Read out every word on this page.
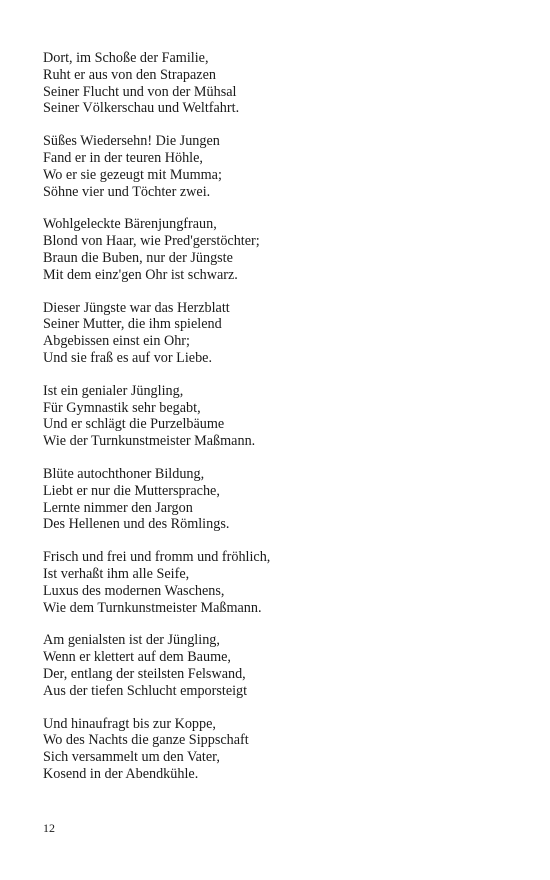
Dort, im Schoße der Familie,
Ruht er aus von den Strapazen
Seiner Flucht und von der Mühsal
Seiner Völkerschau und Weltfahrt.
Süßes Wiedersehn! Die Jungen
Fand er in der teuren Höhle,
Wo er sie gezeugt mit Mumma;
Söhne vier und Töchter zwei.
Wohlgeleckte Bärenjungfraun,
Blond von Haar, wie Pred'gerstöchter;
Braun die Buben, nur der Jüngste
Mit dem einz'gen Ohr ist schwarz.
Dieser Jüngste war das Herzblatt
Seiner Mutter, die ihm spielend
Abgebissen einst ein Ohr;
Und sie fraß es auf vor Liebe.
Ist ein genialer Jüngling,
Für Gymnastik sehr begabt,
Und er schlägt die Purzelbäume
Wie der Turnkunstmeister Maßmann.
Blüte autochthoner Bildung,
Liebt er nur die Muttersprache,
Lernte nimmer den Jargon
Des Hellenen und des Römlings.
Frisch und frei und fromm und fröhlich,
Ist verhaßt ihm alle Seife,
Luxus des modernen Waschens,
Wie dem Turnkunstmeister Maßmann.
Am genialsten ist der Jüngling,
Wenn er klettert auf dem Baume,
Der, entlang der steilsten Felswand,
Aus der tiefen Schlucht emporsteigt
Und hinaufragt bis zur Koppe,
Wo des Nachts die ganze Sippschaft
Sich versammelt um den Vater,
Kosend in der Abendkühle.
12
